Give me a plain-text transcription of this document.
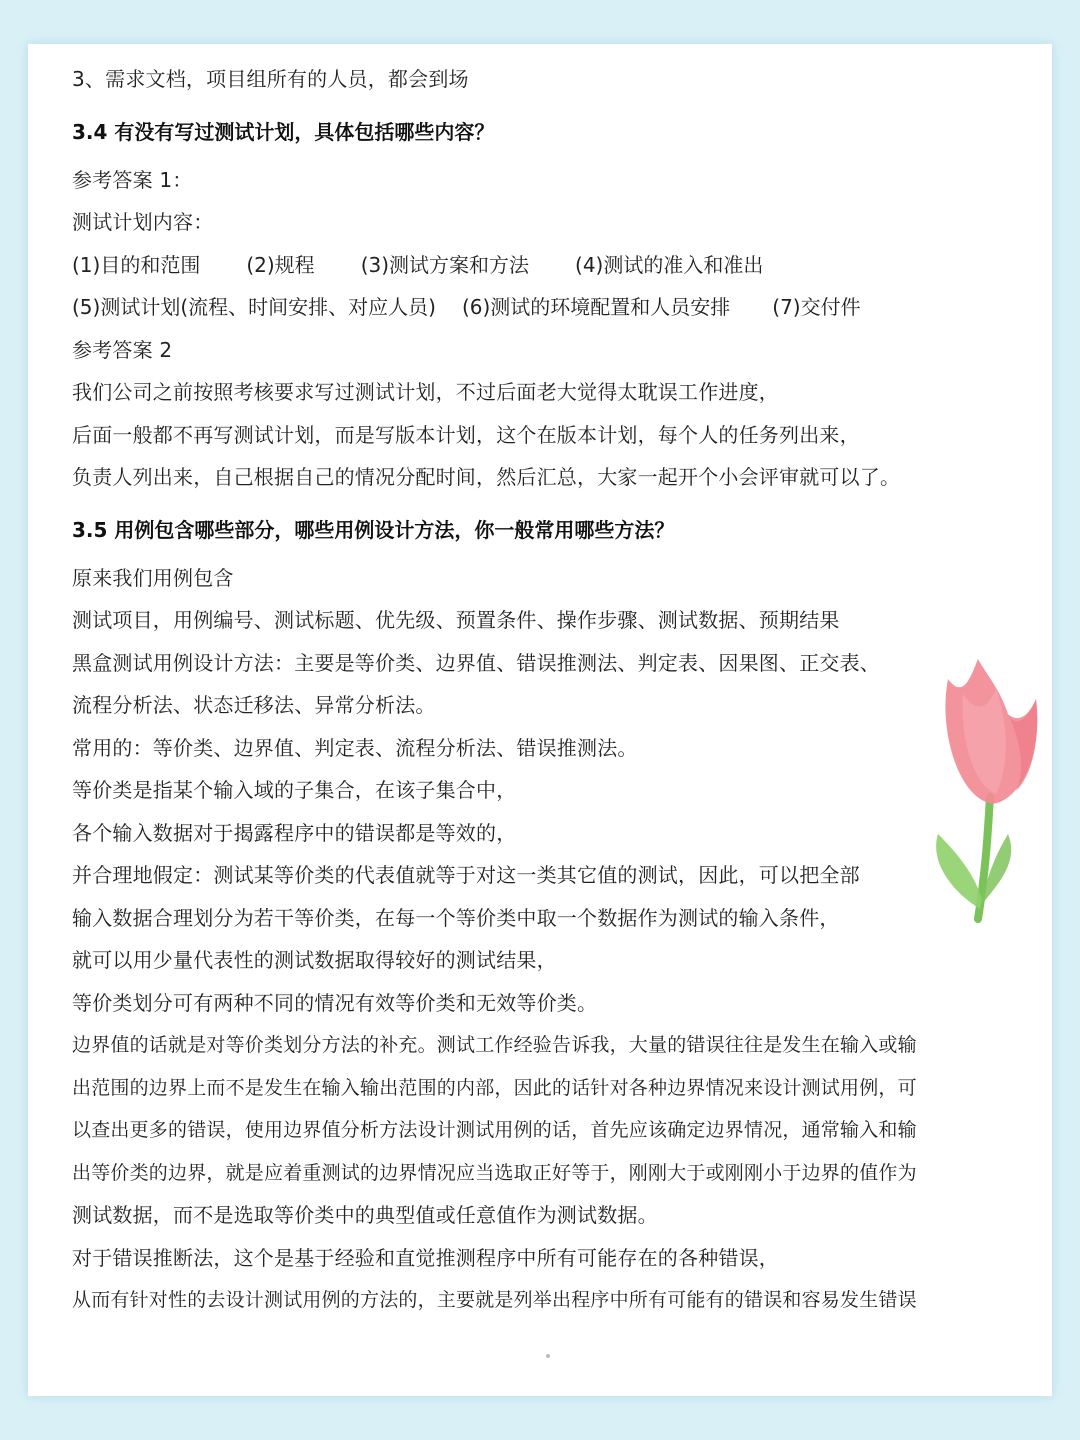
3、需求文档，项目组所有的人员，都会到场
3.4 有没有写过测试计划，具体包括哪些内容？
参考答案 1：
测试计划内容：
(1)目的和范围 (2)规程 (3)测试方案和方法 (4)测试的准入和准出
(5)测试计划(流程、时间安排、对应人员) (6)测试的环境配置和人员安排 (7)交付件
参考答案 2
我们公司之前按照考核要求写过测试计划，不过后面老大觉得太耽误工作进度，
后面一般都不再写测试计划，而是写版本计划，这个在版本计划，每个人的任务列出来，
负责人列出来，自己根据自己的情况分配时间，然后汇总，大家一起开个小会评审就可以了。
3.5 用例包含哪些部分，哪些用例设计方法，你一般常用哪些方法？
原来我们用例包含
测试项目，用例编号、测试标题、优先级、预置条件、操作步骤、测试数据、预期结果
黑盒测试用例设计方法：主要是等价类、边界值、错误推测法、判定表、因果图、正交表、
流程分析法、状态迁移法、异常分析法。
常用的：等价类、边界值、判定表、流程分析法、错误推测法。
等价类是指某个输入域的子集合，在该子集合中，
各个输入数据对于揭露程序中的错误都是等效的，
并合理地假定：测试某等价类的代表值就等于对这一类其它值的测试，因此，可以把全部
输入数据合理划分为若干等价类，在每一个等价类中取一个数据作为测试的输入条件，
就可以用少量代表性的测试数据取得较好的测试结果，
等价类划分可有两种不同的情况有效等价类和无效等价类。
边界值的话就是对等价类划分方法的补充。测试工作经验告诉我，大量的错误往往是发生在输入或输
出范围的边界上而不是发生在输入输出范围的内部，因此的话针对各种边界情况来设计测试用例，可
以查出更多的错误，使用边界值分析方法设计测试用例的话，首先应该确定边界情况，通常输入和输
出等价类的边界，就是应着重测试的边界情况应当选取正好等于，刚刚大于或刚刚小于边界的值作为
测试数据，而不是选取等价类中的典型值或任意值作为测试数据。
对于错误推断法，这个是基于经验和直觉推测程序中所有可能存在的各种错误，
从而有针对性的去设计测试用例的方法的，主要就是列举出程序中所有可能有的错误和容易发生错误
